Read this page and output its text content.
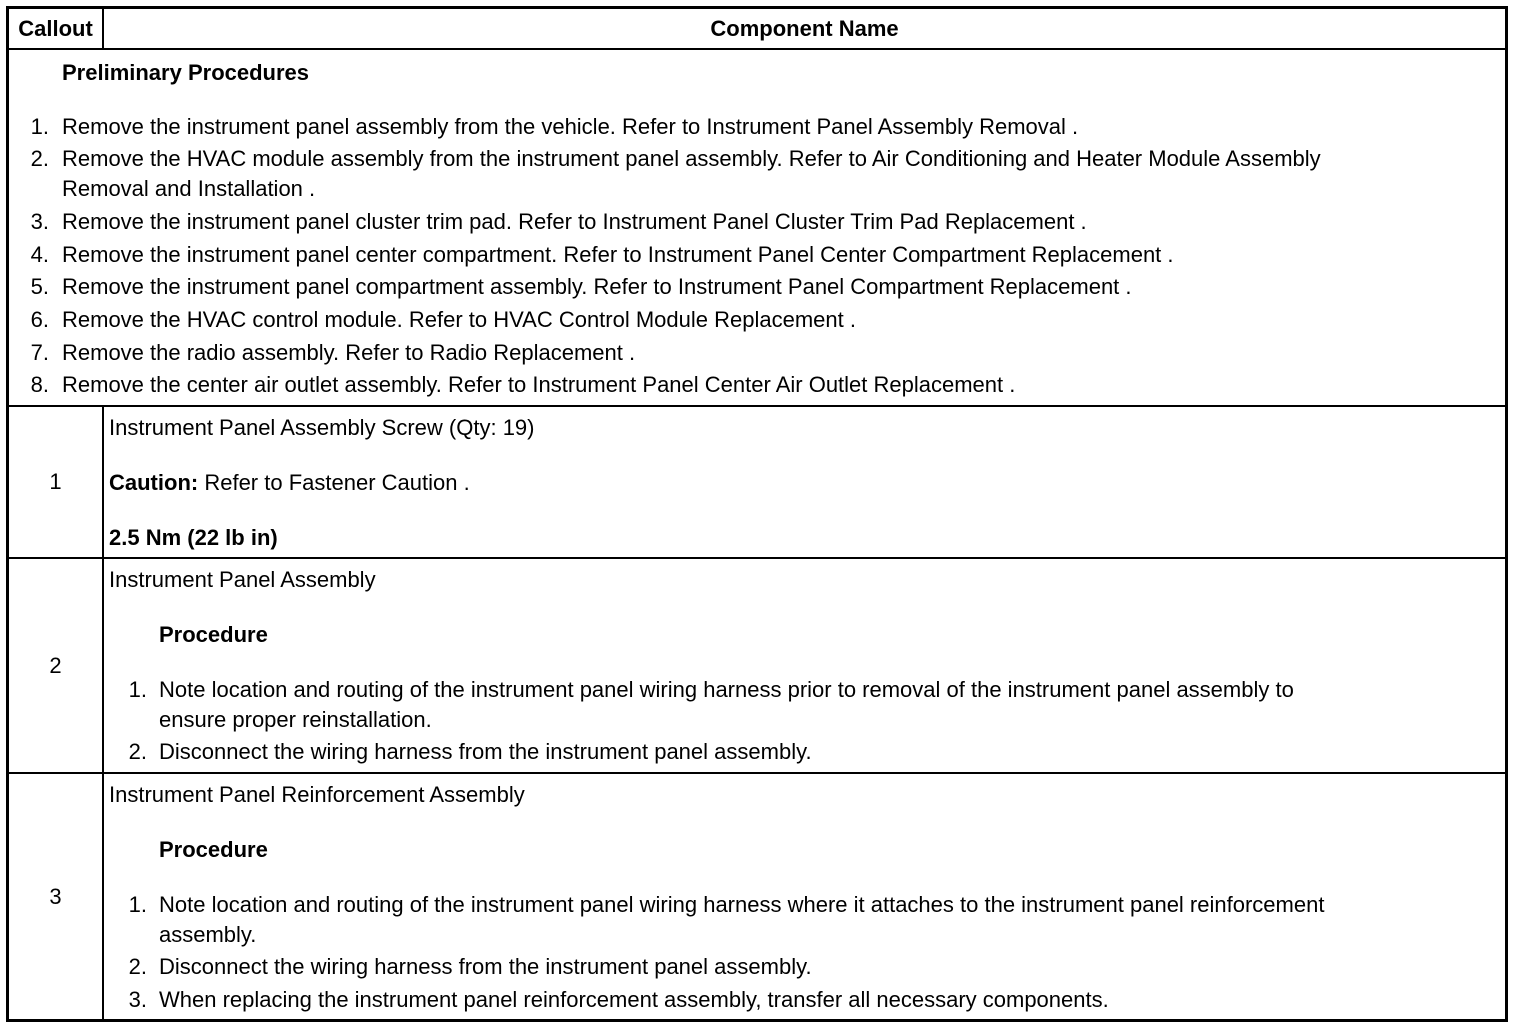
Callout	Component Name
Preliminary Procedures
1. Remove the instrument panel assembly from the vehicle. Refer to Instrument Panel Assembly Removal .
2. Remove the HVAC module assembly from the instrument panel assembly. Refer to Air Conditioning and Heater Module Assembly
Removal and Installation .
3. Remove the instrument panel cluster trim pad. Refer to Instrument Panel Cluster Trim Pad Replacement .
4. Remove the instrument panel center compartment. Refer to Instrument Panel Center Compartment Replacement .
5. Remove the instrument panel compartment assembly. Refer to Instrument Panel Compartment Replacement .
6. Remove the HVAC control module. Refer to HVAC Control Module Replacement .
7. Remove the radio assembly. Refer to Radio Replacement .
8. Remove the center air outlet assembly. Refer to Instrument Panel Center Air Outlet Replacement .
1
Instrument Panel Assembly Screw (Qty: 19)
Caution: Refer to Fastener Caution .
2.5 Nm (22 lb in)
2
Instrument Panel Assembly
Procedure
1. Note location and routing of the instrument panel wiring harness prior to removal of the instrument panel assembly to
ensure proper reinstallation.
2. Disconnect the wiring harness from the instrument panel assembly.
3
Instrument Panel Reinforcement Assembly
Procedure
1. Note location and routing of the instrument panel wiring harness where it attaches to the instrument panel reinforcement
assembly.
2. Disconnect the wiring harness from the instrument panel assembly.
3. When replacing the instrument panel reinforcement assembly, transfer all necessary components.
